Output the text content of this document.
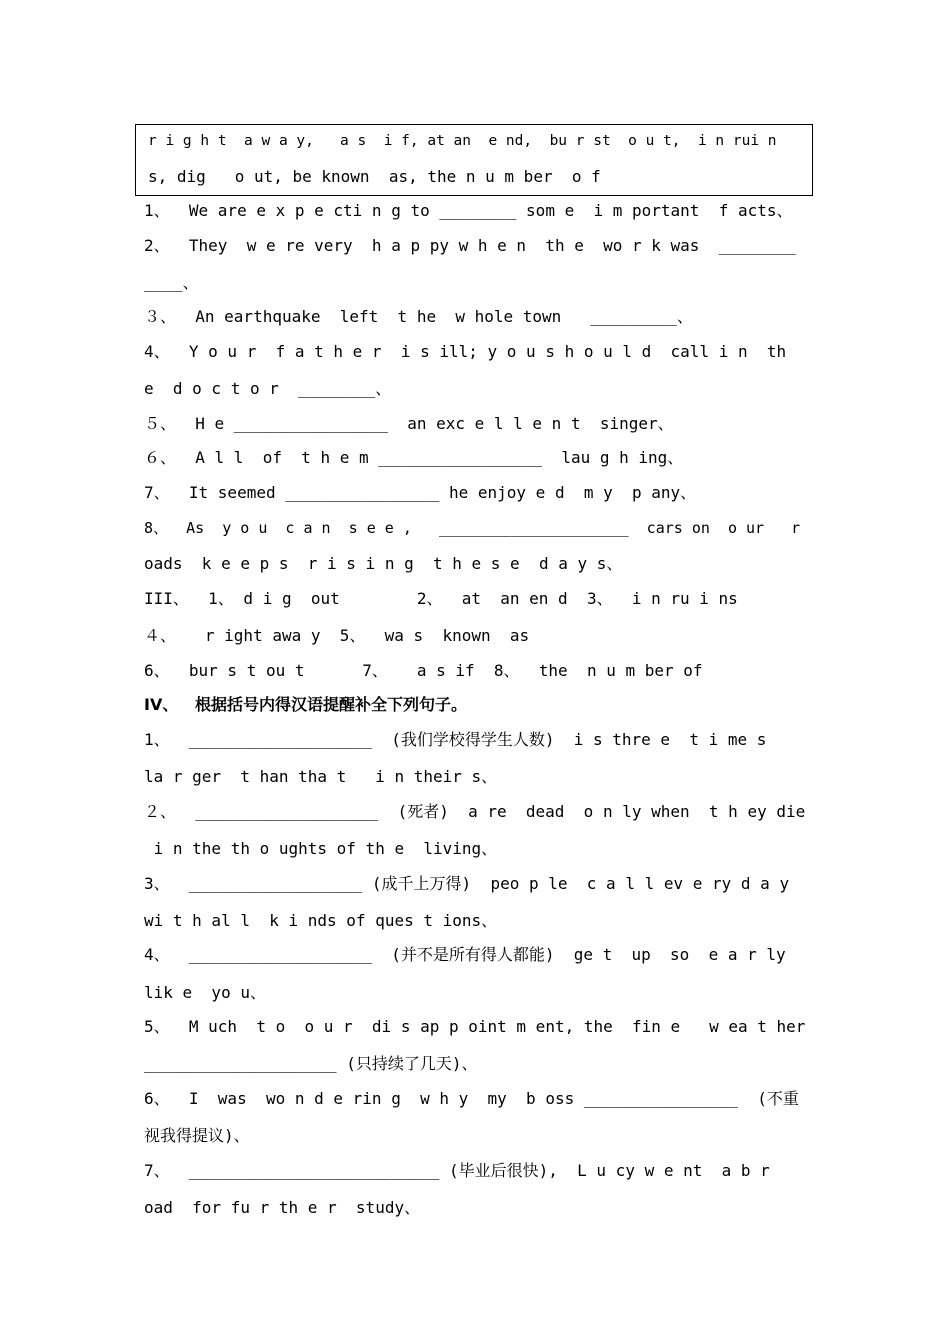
r i g h t  a w a y,   a s  i f, at an  e nd,  bu r st  o u t,  i n rui n
s, dig   o ut, be known  as, the n u m ber  o f
1、  We are e x p e cti n g to ________ som e  i m portant  f acts、
2、  They  w e re very  h a p py w h e n  th e  wo r k was  ________
____、
３、  An earthquake  left  t he  w hole town   _________、
4、  Y o u r  f a t h e r  i s ill; y o u s h o u l d  call i n  th
e  d o c t o r  ________、
５、  H e ________________  an exc e l l e n t  singer、
６、  A l l  of  t h e m _________________  lau g h ing、
7、  It seemed ________________ he enjoy e d  m y  p any、
8、  As  y o u  c a n  s e e ,   _____________________  cars on  o ur   r
oads  k e e p s  r i s i n g  t h e s e  d a y s、
III、  1、 d i g  out        2、  at  an en d  3、  i n ru i ns
４、   r ight awa y  5、  wa s  known  as
6、  bur s t ou t      7、   a s if  8、  the  n u m ber of
IV、   根据括号内得汉语提醒补全下列句子。
1、  ___________________  (我们学校得学生人数)  i s thre e  t i me s
la r ger  t han tha t   i n their s、
２、  ___________________  (死者)  a re  dead  o n ly when  t h ey die
i n the th o ughts of th e  living、
3、  __________________ (成千上万得)  peo p le  c a l l ev e ry d a y
wi t h al l  k i nds of ques t ions、
4、  ___________________  (并不是所有得人都能)  ge t  up  so  e a r ly
lik e  yo u、
5、  M uch  t o  o u r  di s ap p oint m ent, the  fin e   w ea t her
____________________ (只持续了几天)、
6、  I  was  wo n d e rin g  w h y  my  b oss ________________  (不重
视我得提议)、
7、  __________________________ (毕业后很快),  L u cy w e nt  a b r
oad  for fu r th e r  study、
